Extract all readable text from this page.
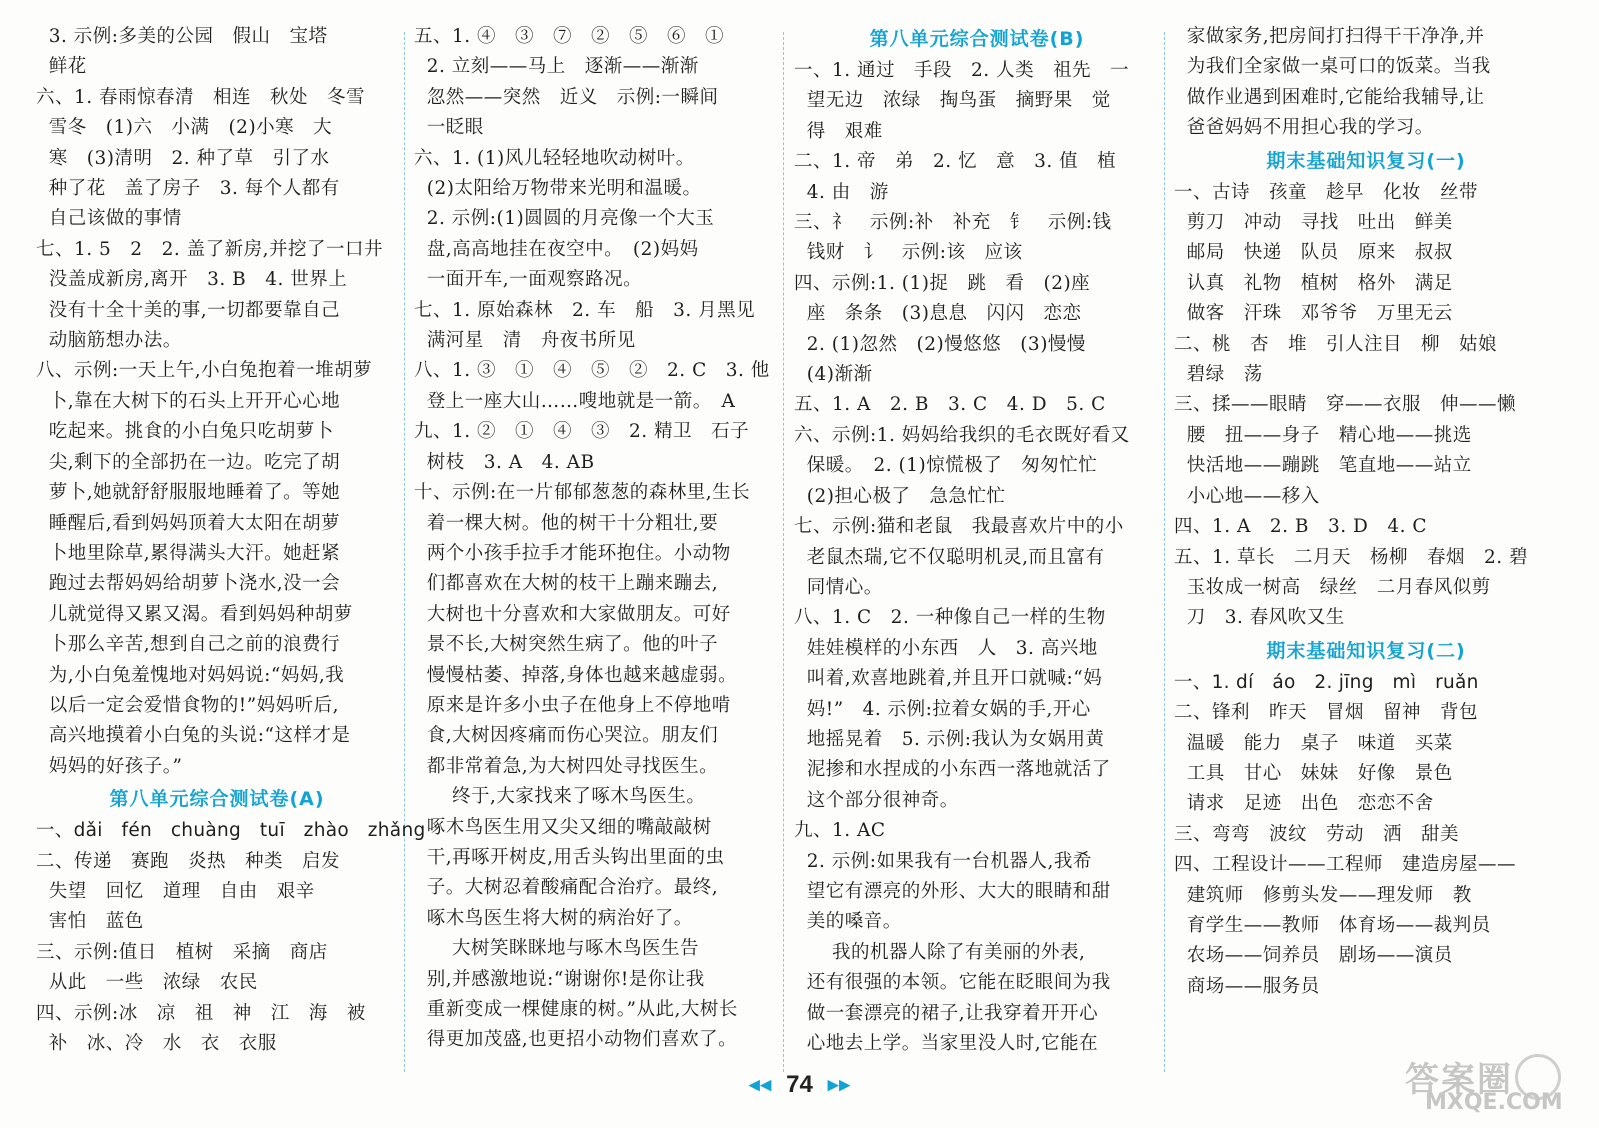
3. 示例:多美的公园　假山　宝塔
鲜花
六、1. 春雨惊春清　相连　秋处　冬雪
雪冬　(1)六　小满　(2)小寒　大
寒　(3)清明　2. 种了草　引了水
种了花　盖了房子　3. 每个人都有
自己该做的事情
七、1. 5　2　2. 盖了新房,并挖了一口井
没盖成新房,离开　3. B　4. 世界上
没有十全十美的事,一切都要靠自己
动脑筋想办法。
八、示例:一天上午,小白兔抱着一堆胡萝
卜,靠在大树下的石头上开开心心地
吃起来。挑食的小白兔只吃胡萝卜
尖,剩下的全部扔在一边。吃完了胡
萝卜,她就舒舒服服地睡着了。等她
睡醒后,看到妈妈顶着大太阳在胡萝
卜地里除草,累得满头大汗。她赶紧
跑过去帮妈妈给胡萝卜浇水,没一会
儿就觉得又累又渴。看到妈妈种胡萝
卜那么辛苦,想到自己之前的浪费行
为,小白兔羞愧地对妈妈说:“妈妈,我
以后一定会爱惜食物的!”妈妈听后,
高兴地摸着小白兔的头说:“这样才是
妈妈的好孩子。”
第八单元综合测试卷(A)
一、dǎi　fén　chuàng　tuī　zhào　zhǎng
二、传递　赛跑　炎热　种类　启发
失望　回忆　道理　自由　艰辛
害怕　蓝色
三、示例:值日　植树　采摘　商店
从此　一些　浓绿　农民
四、示例:冰　凉　祖　神　江　海　被
补　冰、冷　水　衣　衣服
五、1. ④　③　⑦　②　⑤　⑥　①
2. 立刻——马上　逐渐——渐渐
忽然——突然　近义　示例:一瞬间
一眨眼
六、1. (1)风儿轻轻地吹动树叶。
(2)太阳给万物带来光明和温暖。
2. 示例:(1)圆圆的月亮像一个大玉
盘,高高地挂在夜空中。　(2)妈妈
一面开车,一面观察路况。
七、1. 原始森林　2. 车　船　3. 月黑见
满河星　清　舟夜书所见
八、1. ③　①　④　⑤　②　2. C　3. 他
登上一座大山……嗖地就是一箭。　A
九、1. ②　①　④　③　2. 精卫　石子
树枝　3. A　4. AB
十、示例:在一片郁郁葱葱的森林里,生长
着一棵大树。他的树干十分粗壮,要
两个小孩手拉手才能环抱住。小动物
们都喜欢在大树的枝干上蹦来蹦去,
大树也十分喜欢和大家做朋友。可好
景不长,大树突然生病了。他的叶子
慢慢枯萎、掉落,身体也越来越虚弱。
原来是许多小虫子在他身上不停地啃
食,大树因疼痛而伤心哭泣。朋友们
都非常着急,为大树四处寻找医生。
　　终于,大家找来了啄木鸟医生。
啄木鸟医生用又尖又细的嘴敲敲树
干,再啄开树皮,用舌头钩出里面的虫
子。大树忍着酸痛配合治疗。最终,
啄木鸟医生将大树的病治好了。
　　大树笑眯眯地与啄木鸟医生告
别,并感激地说:“谢谢你!是你让我
重新变成一棵健康的树。”从此,大树长
得更加茂盛,也更招小动物们喜欢了。
第八单元综合测试卷(B)
一、1. 通过　手段　2. 人类　祖先　一
望无边　浓绿　掏鸟蛋　摘野果　觉
得　艰难
二、1. 帝　弟　2. 忆　意　3. 值　植
4. 由　游
三、礻　示例:补　补充　钅　示例:钱
钱财　讠　示例:该　应该
四、示例:1. (1)捉　跳　看　(2)座
座　条条　(3)息息　闪闪　恋恋
2. (1)忽然　(2)慢悠悠　(3)慢慢
(4)渐渐
五、1. A　2. B　3. C　4. D　5. C
六、示例:1. 妈妈给我织的毛衣既好看又
保暖。　2. (1)惊慌极了　匆匆忙忙
(2)担心极了　急急忙忙
七、示例:猫和老鼠　我最喜欢片中的小
老鼠杰瑞,它不仅聪明机灵,而且富有
同情心。
八、1. C　2. 一种像自己一样的生物
娃娃模样的小东西　人　3. 高兴地
叫着,欢喜地跳着,并且开口就喊:“妈
妈!”　4. 示例:拉着女娲的手,开心
地摇晃着　5. 示例:我认为女娲用黄
泥掺和水捏成的小东西一落地就活了
这个部分很神奇。
九、1. AC
2. 示例:如果我有一台机器人,我希
望它有漂亮的外形、大大的眼睛和甜
美的嗓音。
　　我的机器人除了有美丽的外表,
还有很强的本领。它能在眨眼间为我
做一套漂亮的裙子,让我穿着开开心
心地去上学。当家里没人时,它能在
家做家务,把房间打扫得干干净净,并
为我们全家做一桌可口的饭菜。当我
做作业遇到困难时,它能给我辅导,让
爸爸妈妈不用担心我的学习。
期末基础知识复习(一)
一、古诗　孩童　趁早　化妆　丝带
剪刀　冲动　寻找　吐出　鲜美
邮局　快递　队员　原来　叔叔
认真　礼物　植树　格外　满足
做客　汗珠　邓爷爷　万里无云
二、桃　杏　堆　引人注目　柳　姑娘
碧绿　荡
三、揉——眼睛　穿——衣服　伸——懒
腰　扭——身子　精心地——挑选
快活地——蹦跳　笔直地——站立
小心地——移入
四、1. A　2. B　3. D　4. C
五、1. 草长　二月天　杨柳　春烟　2. 碧
玉妆成一树高　绿丝　二月春风似剪
刀　3. 春风吹又生
期末基础知识复习(二)
一、1. dí　áo　2. jīng　mì　ruǎn
二、锋利　昨天　冒烟　留神　背包
温暖　能力　桌子　味道　买菜
工具　甘心　妹妹　好像　景色
请求　足迹　出色　恋恋不舍
三、弯弯　波纹　劳动　洒　甜美
四、工程设计——工程师　建造房屋——
建筑师　修剪头发——理发师　教
育学生——教师　体育场——裁判员
农场——饲养员　剧场——演员
商场——服务员
◀◀ 74 ▶▶	答案圈
MXQE.COM
